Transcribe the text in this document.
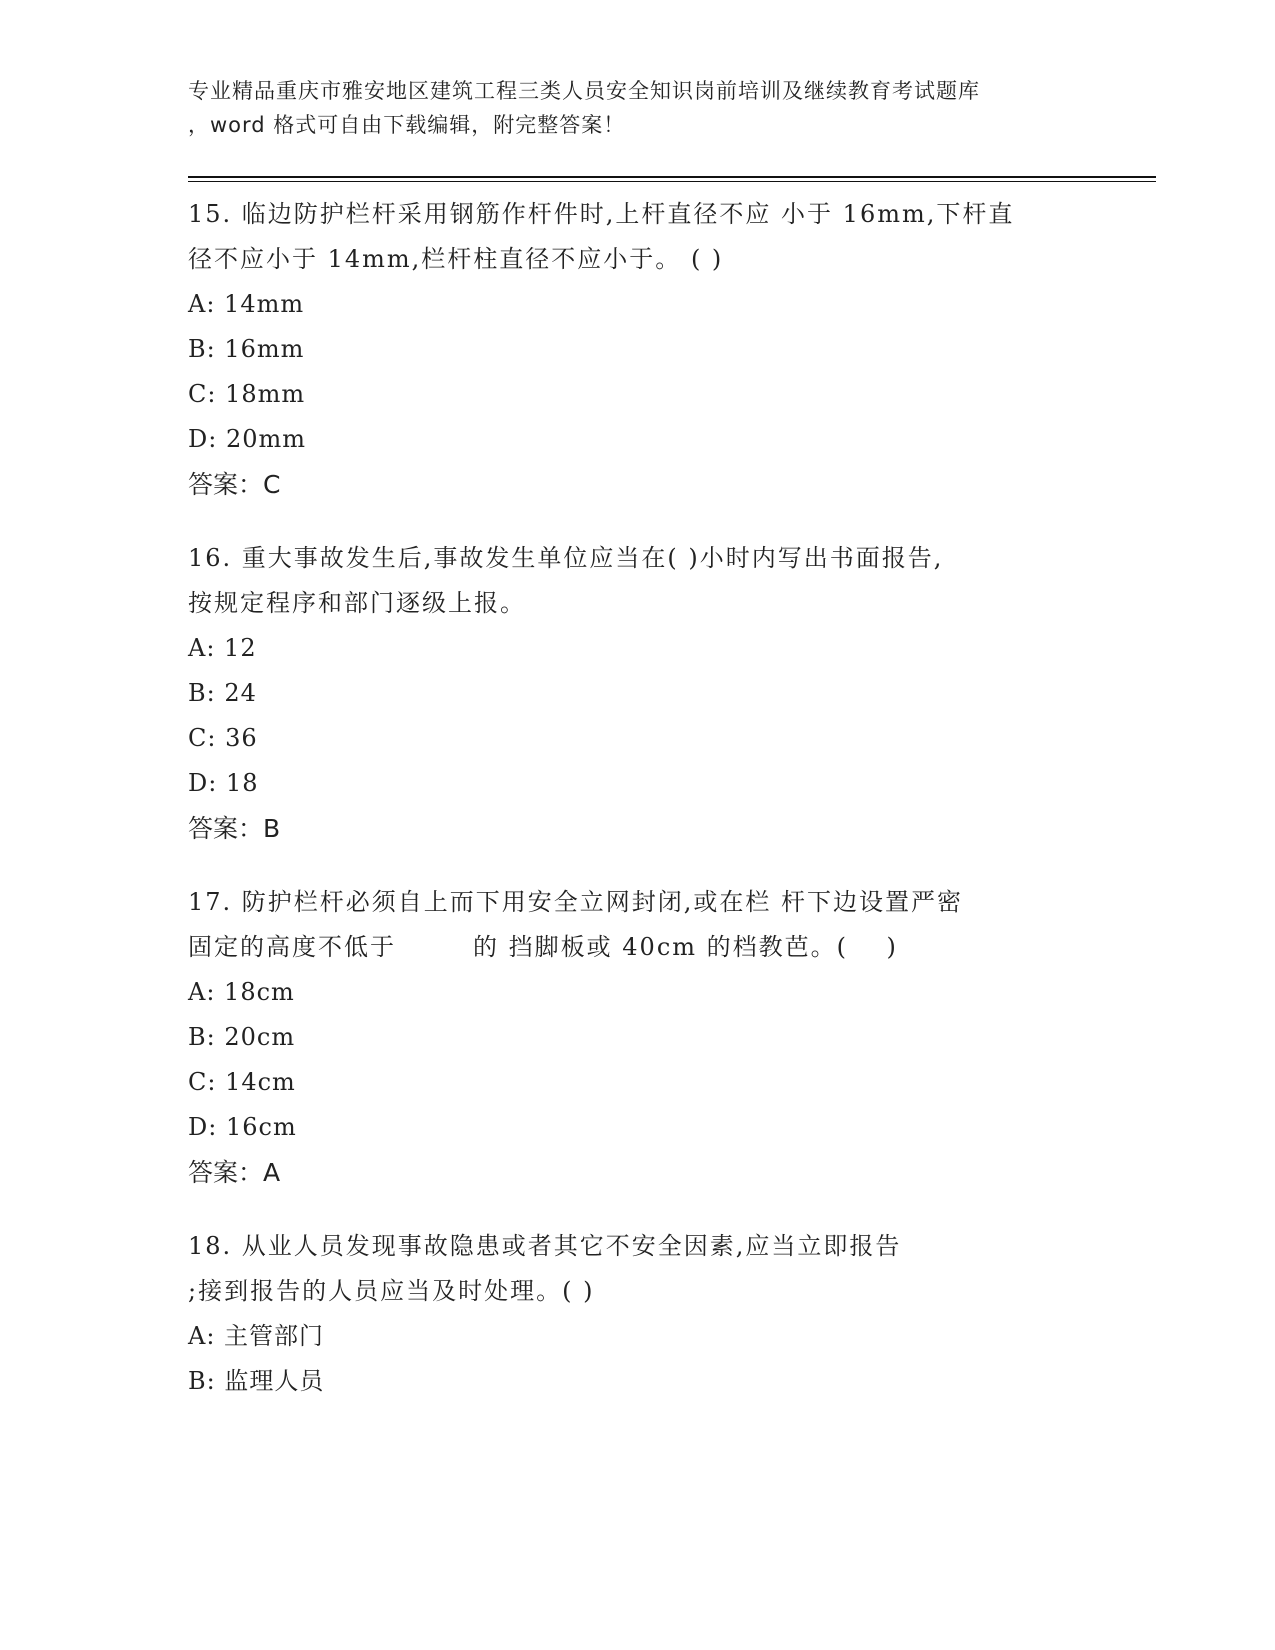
专业精品重庆市雅安地区建筑工程三类人员安全知识岗前培训及继续教育考试题库
，word 格式可自由下载编辑，附完整答案！

15. 临边防护栏杆采用钢筋作杆件时,上杆直径不应 小于 16mm,下杆直

径不应小于 14mm,栏杆柱直径不应小于。 ( )

A: 14mm

B: 16mm

C: 18mm

D: 20mm

答案：C

16. 重大事故发生后,事故发生单位应当在( )小时内写出书面报告,

按规定程序和部门逐级上报。

A: 12

B: 24

C: 36

D: 18

答案：B

17. 防护栏杆必须自上而下用安全立网封闭,或在栏 杆下边设置严密

固定的高度不低于        的 挡脚板或 40cm 的档教芭。(    )

A: 18cm

B: 20cm

C: 14cm

D: 16cm

答案：A

18. 从业人员发现事故隐患或者其它不安全因素,应当立即报告

;接到报告的人员应当及时处理。( )

A: 主管部门

B: 监理人员
